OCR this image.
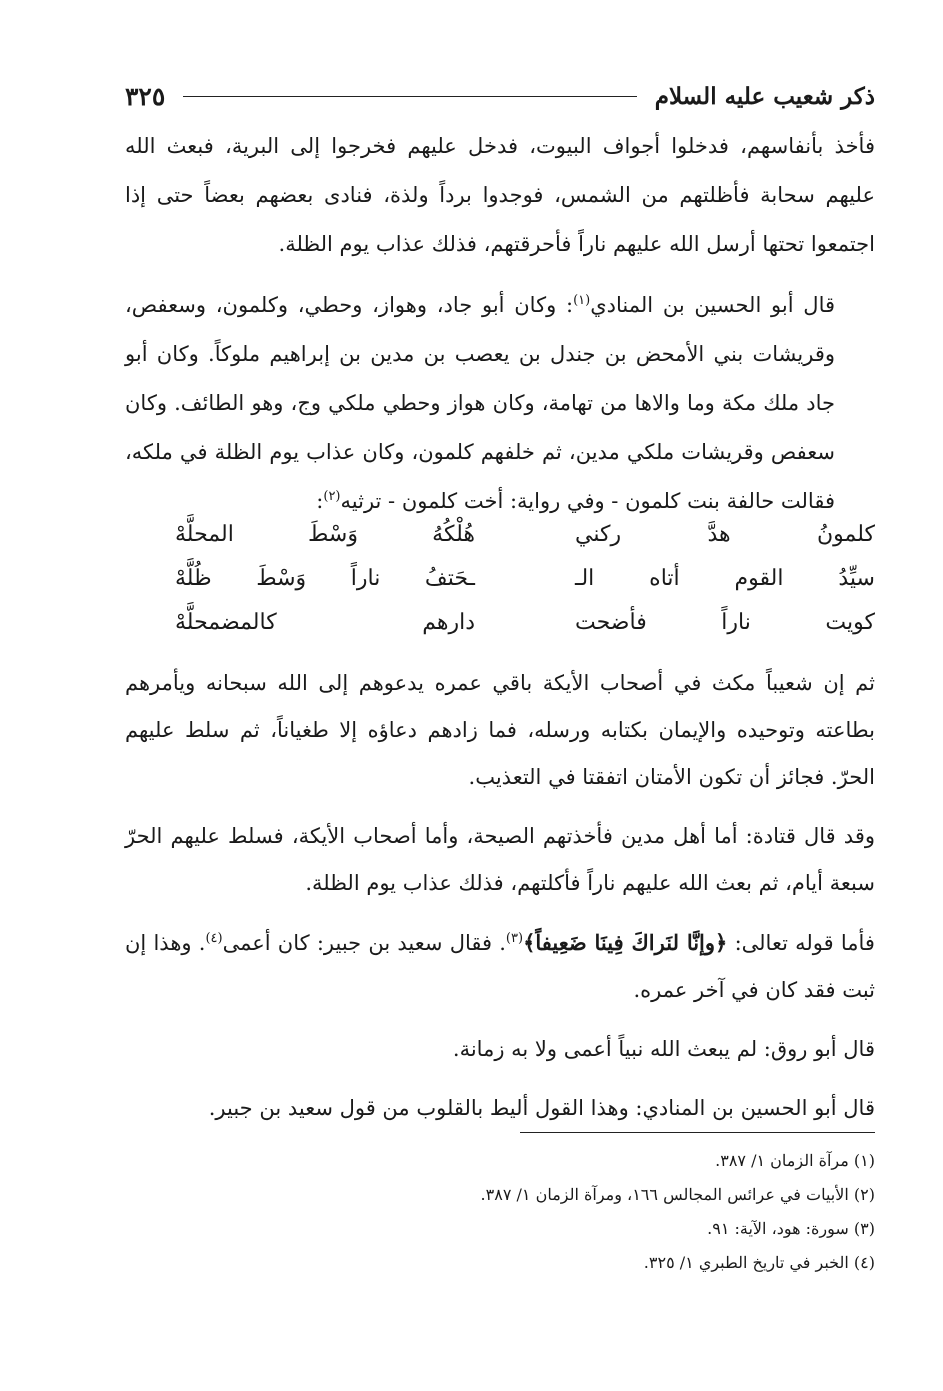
ذكر شعيب عليه السلام
٣٢٥

فأخذ بأنفاسهم، فدخلوا أجواف البيوت، فدخل عليهم فخرجوا إلى البرية، فبعث الله عليهم سحابة فأظلتهم من الشمس، فوجدوا برداً ولذة، فنادى بعضهم بعضاً حتى إذا اجتمعوا تحتها أرسل الله عليهم ناراً فأحرقتهم، فذلك عذاب يوم الظلة.

قال أبو الحسين بن المنادي$^{(١)}$: وكان أبو جاد، وهواز، وحطي، وكلمون، وسعفص، وقريشات بني الأمحض بن جندل بن يعصب بن مدين بن إبراهيم ملوكاً. وكان أبو جاد ملك مكة وما والاها من تهامة، وكان هواز وحطي ملكي وج، وهو الطائف. وكان سعفص وقريشات ملكي مدين، ثم خلفهم كلمون، وكان عذاب يوم الظلة في ملكه، فقالت حالفة بنت كلمون - وفي رواية: أخت كلمون - ترثيه$^{(٢)}$:

كلمونُ هدَّ ركني
هُلْكُهُ وَسْطَ المحلَّهْ
سيِّدُ القوم أتاه الـ
ـحَتفُ ناراً وَسْطَ ظُلَّهْ
كويت ناراً فأضحت
دارهم كالمضمحلَّهْ

ثم إن شعيباً مكث في أصحاب الأيكة باقي عمره يدعوهم إلى الله سبحانه ويأمرهم بطاعته وتوحيده والإيمان بكتابه ورسله، فما زادهم دعاؤه إلا طغياناً، ثم سلط عليهم الحرّ. فجائز أن تكون الأمتان اتفقتا في التعذيب.

وقد قال قتادة: أما أهل مدين فأخذتهم الصيحة، وأما أصحاب الأيكة، فسلط عليهم الحرّ سبعة أيام، ثم بعث الله عليهم ناراً فأكلتهم، فذلك عذاب يوم الظلة.

فأما قوله تعالى: ﴿وإنَّا لنَراكَ فِينَا ضَعِيفاً﴾$^{(٣)}$. فقال سعيد بن جبير: كان أعمى$^{(٤)}$. وهذا إن ثبت فقد كان في آخر عمره.

قال أبو روق: لم يبعث الله نبياً أعمى ولا به زمانة.

قال أبو الحسين بن المنادي: وهذا القول أليط بالقلوب من قول سعيد بن جبير.

(١) مرآة الزمان ١/ ٣٨٧.
(٢) الأبيات في عرائس المجالس ١٦٦، ومرآة الزمان ١/ ٣٨٧.
(٣) سورة: هود، الآية: ٩١.
(٤) الخبر في تاريخ الطبري ١/ ٣٢٥.
